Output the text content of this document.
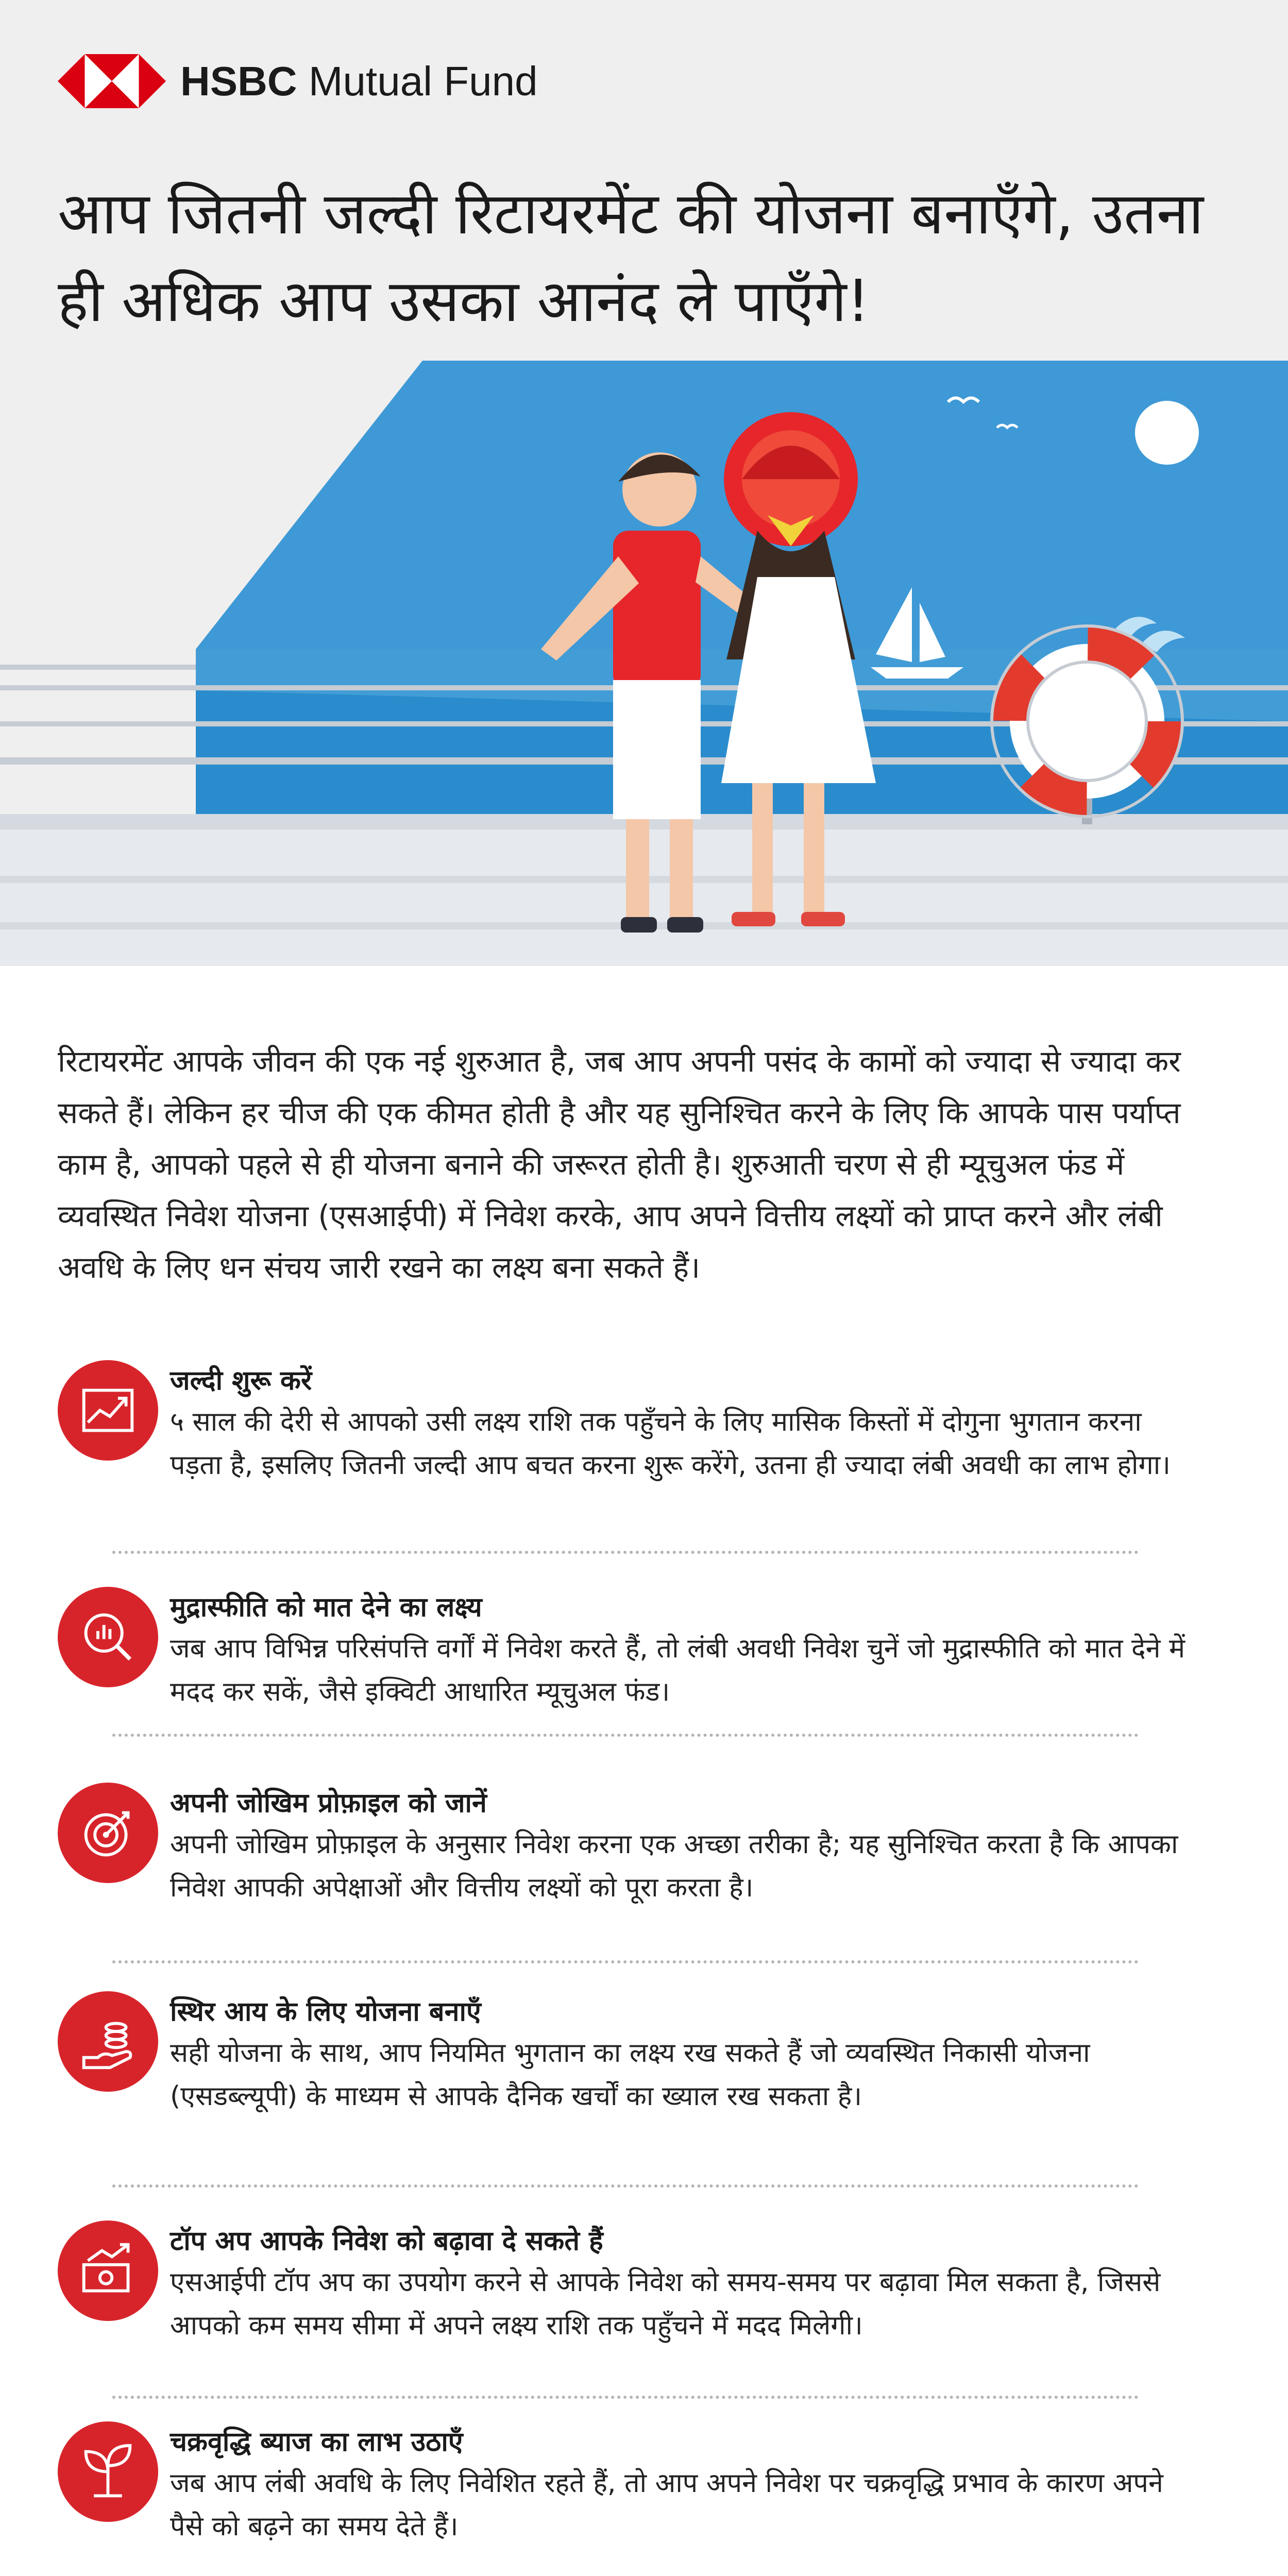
HSBC Mutual Fund
आप जितनी जल्दी रिटायरमेंट की योजना बनाएँगे, उतना ही अधिक आप उसका आनंद ले पाएँगे!

रिटायरमेंट आपके जीवन की एक नई शुरुआत है, जब आप अपनी पसंद के कामों को ज्यादा से ज्यादा कर सकते हैं। लेकिन हर चीज की एक कीमत होती है और यह सुनिश्चित करने के लिए कि आपके पास पर्याप्त काम है, आपको पहले से ही योजना बनाने की जरूरत होती है। शुरुआती चरण से ही म्यूचुअल फंड में व्यवस्थित निवेश योजना (एसआईपी) में निवेश करके, आप अपने वित्तीय लक्ष्यों को प्राप्त करने और लंबी अवधि के लिए धन संचय जारी रखने का लक्ष्य बना सकते हैं।

जल्दी शुरू करें

५ साल की देरी से आपको उसी लक्ष्य राशि तक पहुँचने के लिए मासिक किस्तों में दोगुना भुगतान करना पड़ता है, इसलिए जितनी जल्दी आप बचत करना शुरू करेंगे, उतना ही ज्यादा लंबी अवधी का लाभ होगा।

मुद्रास्फीति को मात देने का लक्ष्य

जब आप विभिन्न परिसंपत्ति वर्गों में निवेश करते हैं, तो लंबी अवधी निवेश चुनें जो मुद्रास्फीति को मात देने में मदद कर सकें, जैसे इक्विटी आधारित म्यूचुअल फंड।

अपनी जोखिम प्रोफ़ाइल को जानें

अपनी जोखिम प्रोफ़ाइल के अनुसार निवेश करना एक अच्छा तरीका है; यह सुनिश्चित करता है कि आपका निवेश आपकी अपेक्षाओं और वित्तीय लक्ष्यों को पूरा करता है।

स्थिर आय के लिए योजना बनाएँ

सही योजना के साथ, आप नियमित भुगतान का लक्ष्य रख सकते हैं जो व्यवस्थित निकासी योजना (एसडब्ल्यूपी) के माध्यम से आपके दैनिक खर्चों का ख्याल रख सकता है।

टॉप अप आपके निवेश को बढ़ावा दे सकते हैं

एसआईपी टॉप अप का उपयोग करने से आपके निवेश को समय-समय पर बढ़ावा मिल सकता है, जिससे आपको कम समय सीमा में अपने लक्ष्य राशि तक पहुँचने में मदद मिलेगी।

चक्रवृद्धि ब्याज का लाभ उठाएँ

जब आप लंबी अवधि के लिए निवेशित रहते हैं, तो आप अपने निवेश पर चक्रवृद्धि प्रभाव के कारण अपने पैसे को बढ़ने का समय देते हैं।
